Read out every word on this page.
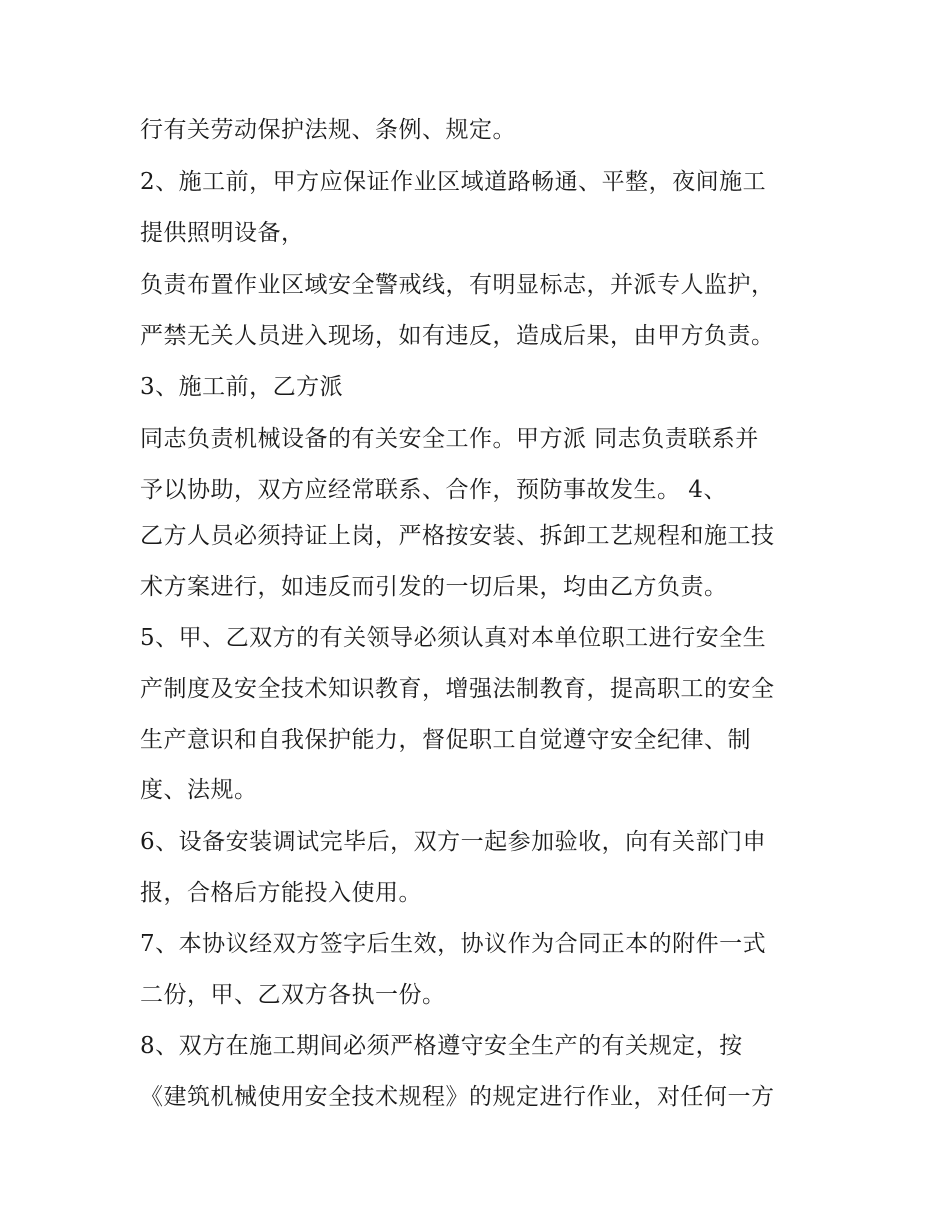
行有关劳动保护法规、条例、规定。

2、施工前，甲方应保证作业区域道路畅通、平整，夜间施工

提供照明设备，

负责布置作业区域安全警戒线，有明显标志，并派专人监护，

严禁无关人员进入现场，如有违反，造成后果，由甲方负责。

3、施工前，乙方派

同志负责机械设备的有关安全工作。甲方派 同志负责联系并

予以协助，双方应经常联系、合作，预防事故发生。 4、

乙方人员必须持证上岗，严格按安装、拆卸工艺规程和施工技

术方案进行，如违反而引发的一切后果，均由乙方负责。

5、甲、乙双方的有关领导必须认真对本单位职工进行安全生

产制度及安全技术知识教育，增强法制教育，提高职工的安全

生产意识和自我保护能力，督促职工自觉遵守安全纪律、制

度、法规。

6、设备安装调试完毕后，双方一起参加验收，向有关部门申

报，合格后方能投入使用。

7、本协议经双方签字后生效，协议作为合同正本的附件一式

二份，甲、乙双方各执一份。

8、双方在施工期间必须严格遵守安全生产的有关规定，按

《建筑机械使用安全技术规程》的规定进行作业，对任何一方
